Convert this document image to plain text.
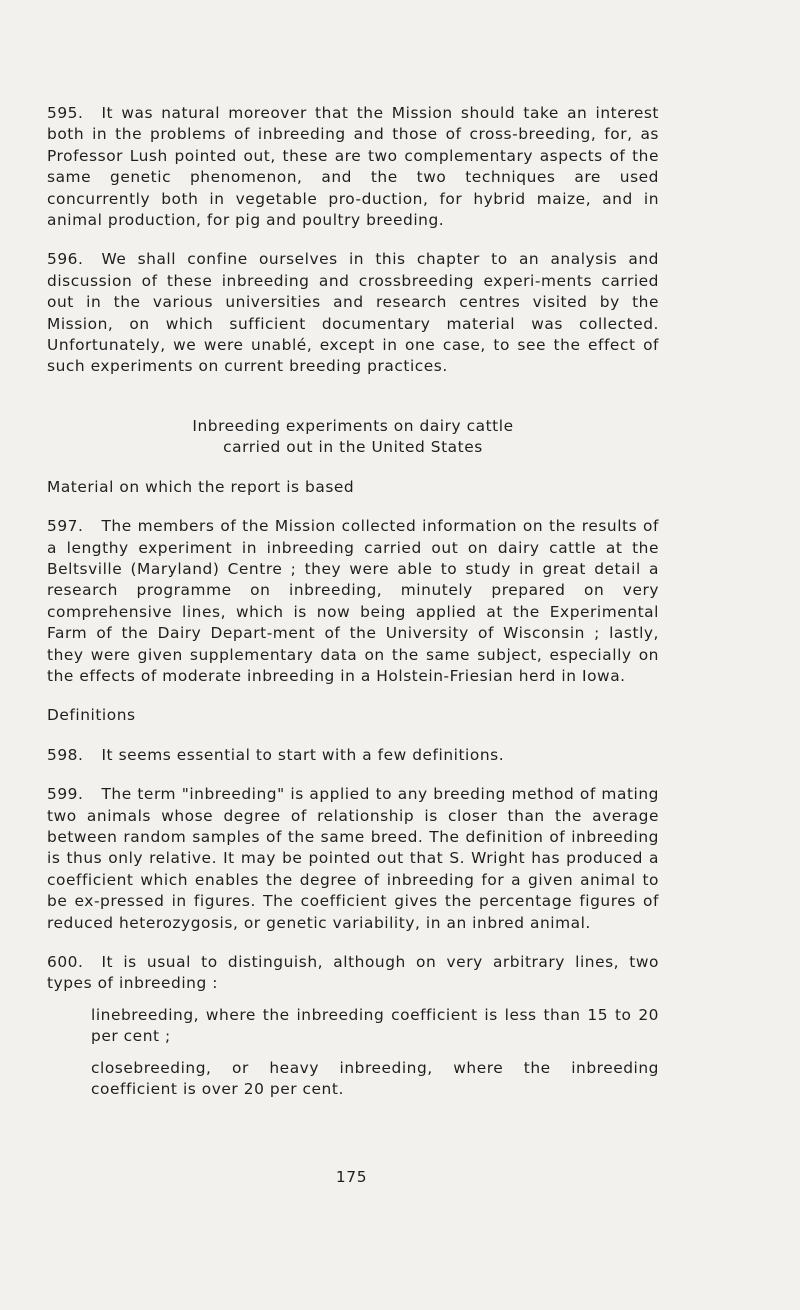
595. It was natural moreover that the Mission should take an interest both in the problems of inbreeding and those of cross-breeding, for, as Professor Lush pointed out, these are two complementary aspects of the same genetic phenomenon, and the two techniques are used concurrently both in vegetable pro-duction, for hybrid maize, and in animal production, for pig and poultry breeding.

596. We shall confine ourselves in this chapter to an analysis and discussion of these inbreeding and crossbreeding experi-ments carried out in the various universities and research centres visited by the Mission, on which sufficient documentary material was collected. Unfortunately, we were unablé, except in one case, to see the effect of such experiments on current breeding practices.

Inbreeding experiments on dairy cattle
carried out in the United States
Material on which the report is based

597. The members of the Mission collected information on the results of a lengthy experiment in inbreeding carried out on dairy cattle at the Beltsville (Maryland) Centre ; they were able to study in great detail a research programme on inbreeding, minutely prepared on very comprehensive lines, which is now being applied at the Experimental Farm of the Dairy Depart-ment of the University of Wisconsin ; lastly, they were given supplementary data on the same subject, especially on the effects of moderate inbreeding in a Holstein-Friesian herd in Iowa.

Definitions

598. It seems essential to start with a few definitions.

599. The term "inbreeding" is applied to any breeding method of mating two animals whose degree of relationship is closer than the average between random samples of the same breed. The definition of inbreeding is thus only relative. It may be pointed out that S. Wright has produced a coefficient which enables the degree of inbreeding for a given animal to be ex-pressed in figures. The coefficient gives the percentage figures of reduced heterozygosis, or genetic variability, in an inbred animal.

600. It is usual to distinguish, although on very arbitrary lines, two types of inbreeding :

linebreeding, where the inbreeding coefficient is less than 15 to 20 per cent ;

closebreeding, or heavy inbreeding, where the inbreeding coefficient is over 20 per cent.

175
